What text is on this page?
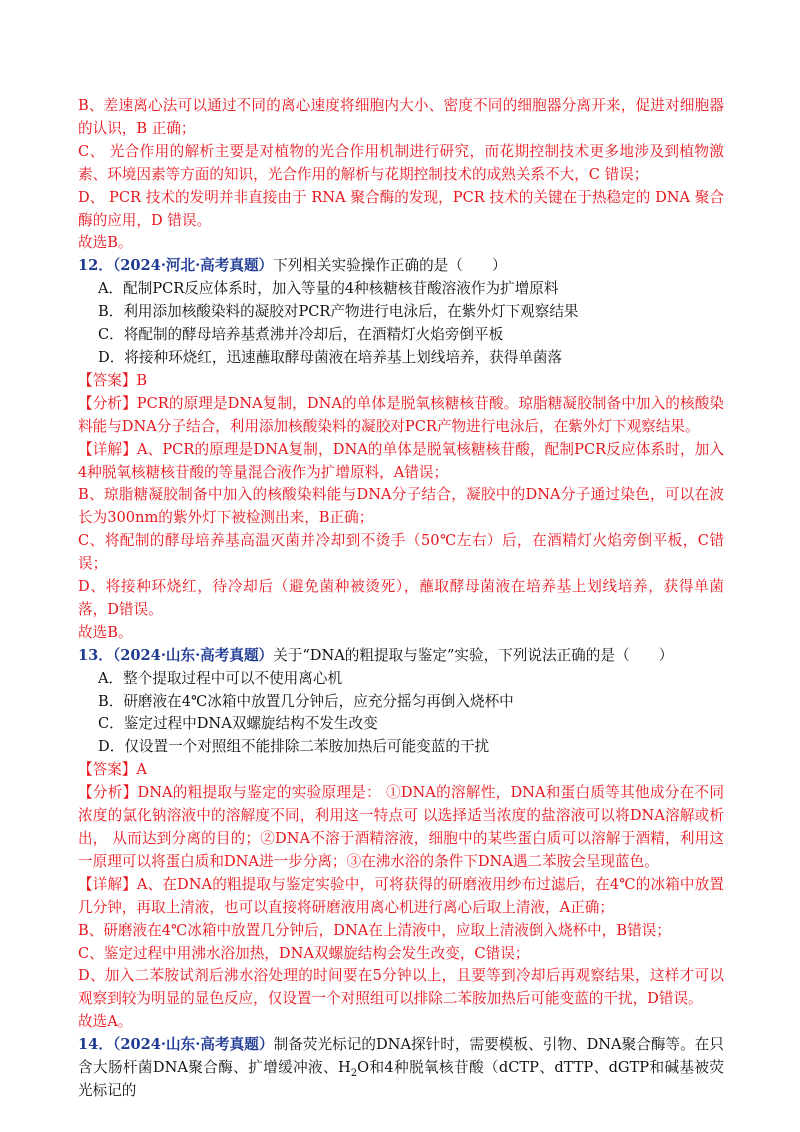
B、差速离心法可以通过不同的离心速度将细胞内大小、密度不同的细胞器分离开来，促进对细胞器的认识，B 正确；

C、 光合作用的解析主要是对植物的光合作用机制进行研究，而花期控制技术更多地涉及到植物激素、环境因素等方面的知识，光合作用的解析与花期控制技术的成熟关系不大，C 错误；

D、 PCR 技术的发明并非直接由于 RNA 聚合酶的发现，PCR 技术的关键在于热稳定的 DNA 聚合酶的应用，D 错误。

故选B。

12．（2024·河北·高考真题）下列相关实验操作正确的是（　　）

A．配制PCR反应体系时，加入等量的4种核糖核苷酸溶液作为扩增原料

B．利用添加核酸染料的凝胶对PCR产物进行电泳后，在紫外灯下观察结果

C．将配制的酵母培养基煮沸并冷却后，在酒精灯火焰旁倒平板

D．将接种环烧红，迅速蘸取酵母菌液在培养基上划线培养，获得单菌落

【答案】B

【分析】PCR的原理是DNA复制，DNA的单体是脱氧核糖核苷酸。琼脂糖凝胶制备中加入的核酸染料能与DNA分子结合，利用添加核酸染料的凝胶对PCR产物进行电泳后，在紫外灯下观察结果。

【详解】A、PCR的原理是DNA复制，DNA的单体是脱氧核糖核苷酸，配制PCR反应体系时，加入4种脱氧核糖核苷酸的等量混合液作为扩增原料，A错误；

B、琼脂糖凝胶制备中加入的核酸染料能与DNA分子结合，凝胶中的DNA分子通过染色，可以在波长为300nm的紫外灯下被检测出来，B正确；

C、将配制的酵母培养基高温灭菌并冷却到不烫手（50℃左右）后，在酒精灯火焰旁倒平板，C错误；

D、将接种环烧红，待冷却后（避免菌种被烫死），蘸取酵母菌液在培养基上划线培养，获得单菌落，D错误。

故选B。

13．（2024·山东·高考真题）关于“DNA的粗提取与鉴定”实验，下列说法正确的是（　　）

A．整个提取过程中可以不使用离心机

B．研磨液在4℃冰箱中放置几分钟后，应充分摇匀再倒入烧杯中

C．鉴定过程中DNA双螺旋结构不发生改变

D．仅设置一个对照组不能排除二苯胺加热后可能变蓝的干扰

【答案】A

【分析】DNA的粗提取与鉴定的实验原理是： ①DNA的溶解性，DNA和蛋白质等其他成分在不同 浓度的氯化钠溶液中的溶解度不同，利用这一特点可 以选择适当浓度的盐溶液可以将DNA溶解或析出， 从而达到分离的目的；②DNA不溶于酒精溶液，细胞中的某些蛋白质可以溶解于酒精，利用这一原理可以将蛋白质和DNA进一步分离；③在沸水浴的条件下DNA遇二苯胺会呈现蓝色。

【详解】A、在DNA的粗提取与鉴定实验中，可将获得的研磨液用纱布过滤后，在4℃的冰箱中放置几分钟，再取上清液，也可以直接将研磨液用离心机进行离心后取上清液，A正确；

B、研磨液在4℃冰箱中放置几分钟后，DNA在上清液中，应取上清液倒入烧杯中，B错误；

C、鉴定过程中用沸水浴加热，DNA双螺旋结构会发生改变，C错误；

D、加入二苯胺试剂后沸水浴处理的时间要在5分钟以上，且要等到冷却后再观察结果，这样才可以观察到较为明显的显色反应，仅设置一个对照组可以排除二苯胺加热后可能变蓝的干扰，D错误。

故选A。

14．（2024·山东·高考真题）制备荧光标记的DNA探针时，需要模板、引物、DNA聚合酶等。在只含大肠杆菌DNA聚合酶、扩增缓冲液、$H_2O$和4种脱氧核苷酸（dCTP、dTTP、dGTP和碱基被荧光标记的
